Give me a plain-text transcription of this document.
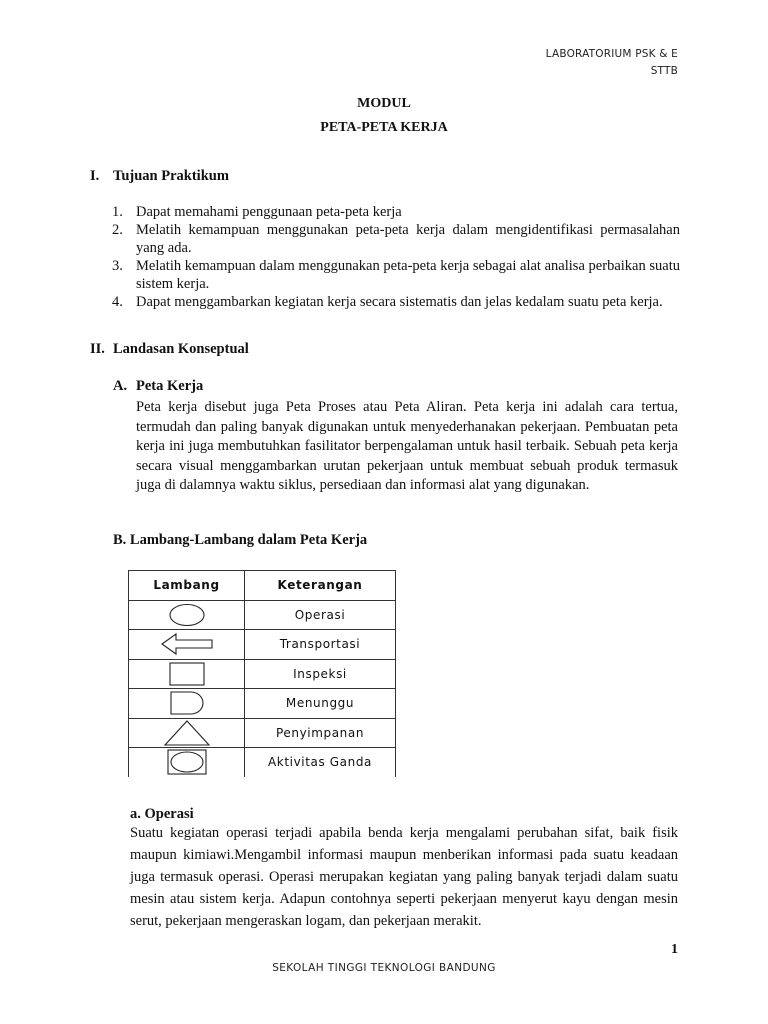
LABORATORIUM PSK & E
STTB
MODUL
PETA-PETA KERJA
I. Tujuan Praktikum
1. Dapat memahami penggunaan peta-peta kerja
2. Melatih kemampuan menggunakan peta-peta kerja dalam mengidentifikasi permasalahan yang ada.
3. Melatih kemampuan dalam menggunakan peta-peta kerja sebagai alat analisa perbaikan suatu sistem kerja.
4. Dapat menggambarkan kegiatan kerja secara sistematis dan jelas kedalam suatu peta kerja.
II. Landasan Konseptual
A. Peta Kerja
Peta kerja disebut juga Peta Proses atau Peta Aliran. Peta kerja ini adalah cara tertua, termudah dan paling banyak digunakan untuk menyederhanakan pekerjaan. Pembuatan peta kerja ini juga membutuhkan fasilitator berpengalaman untuk hasil terbaik. Sebuah peta kerja secara visual menggambarkan urutan pekerjaan untuk membuat sebuah produk termasuk juga di dalamnya waktu siklus, persediaan dan informasi alat yang digunakan.
B. Lambang-Lambang dalam Peta Kerja
Lambang	Keterangan

	Operasi

	Transportasi

	Inspeksi

	Menunggu

	Penyimpanan

	Aktivitas Ganda
a. Operasi
Suatu kegiatan operasi terjadi apabila benda kerja mengalami perubahan sifat, baik fisik maupun kimiawi.Mengambil informasi maupun menberikan informasi pada suatu keadaan juga termasuk operasi. Operasi merupakan kegiatan yang paling banyak terjadi dalam suatu mesin atau sistem kerja. Adapun contohnya seperti pekerjaan menyerut kayu dengan mesin serut, pekerjaan mengeraskan logam, dan pekerjaan merakit.
1
SEKOLAH TINGGI TEKNOLOGI BANDUNG
